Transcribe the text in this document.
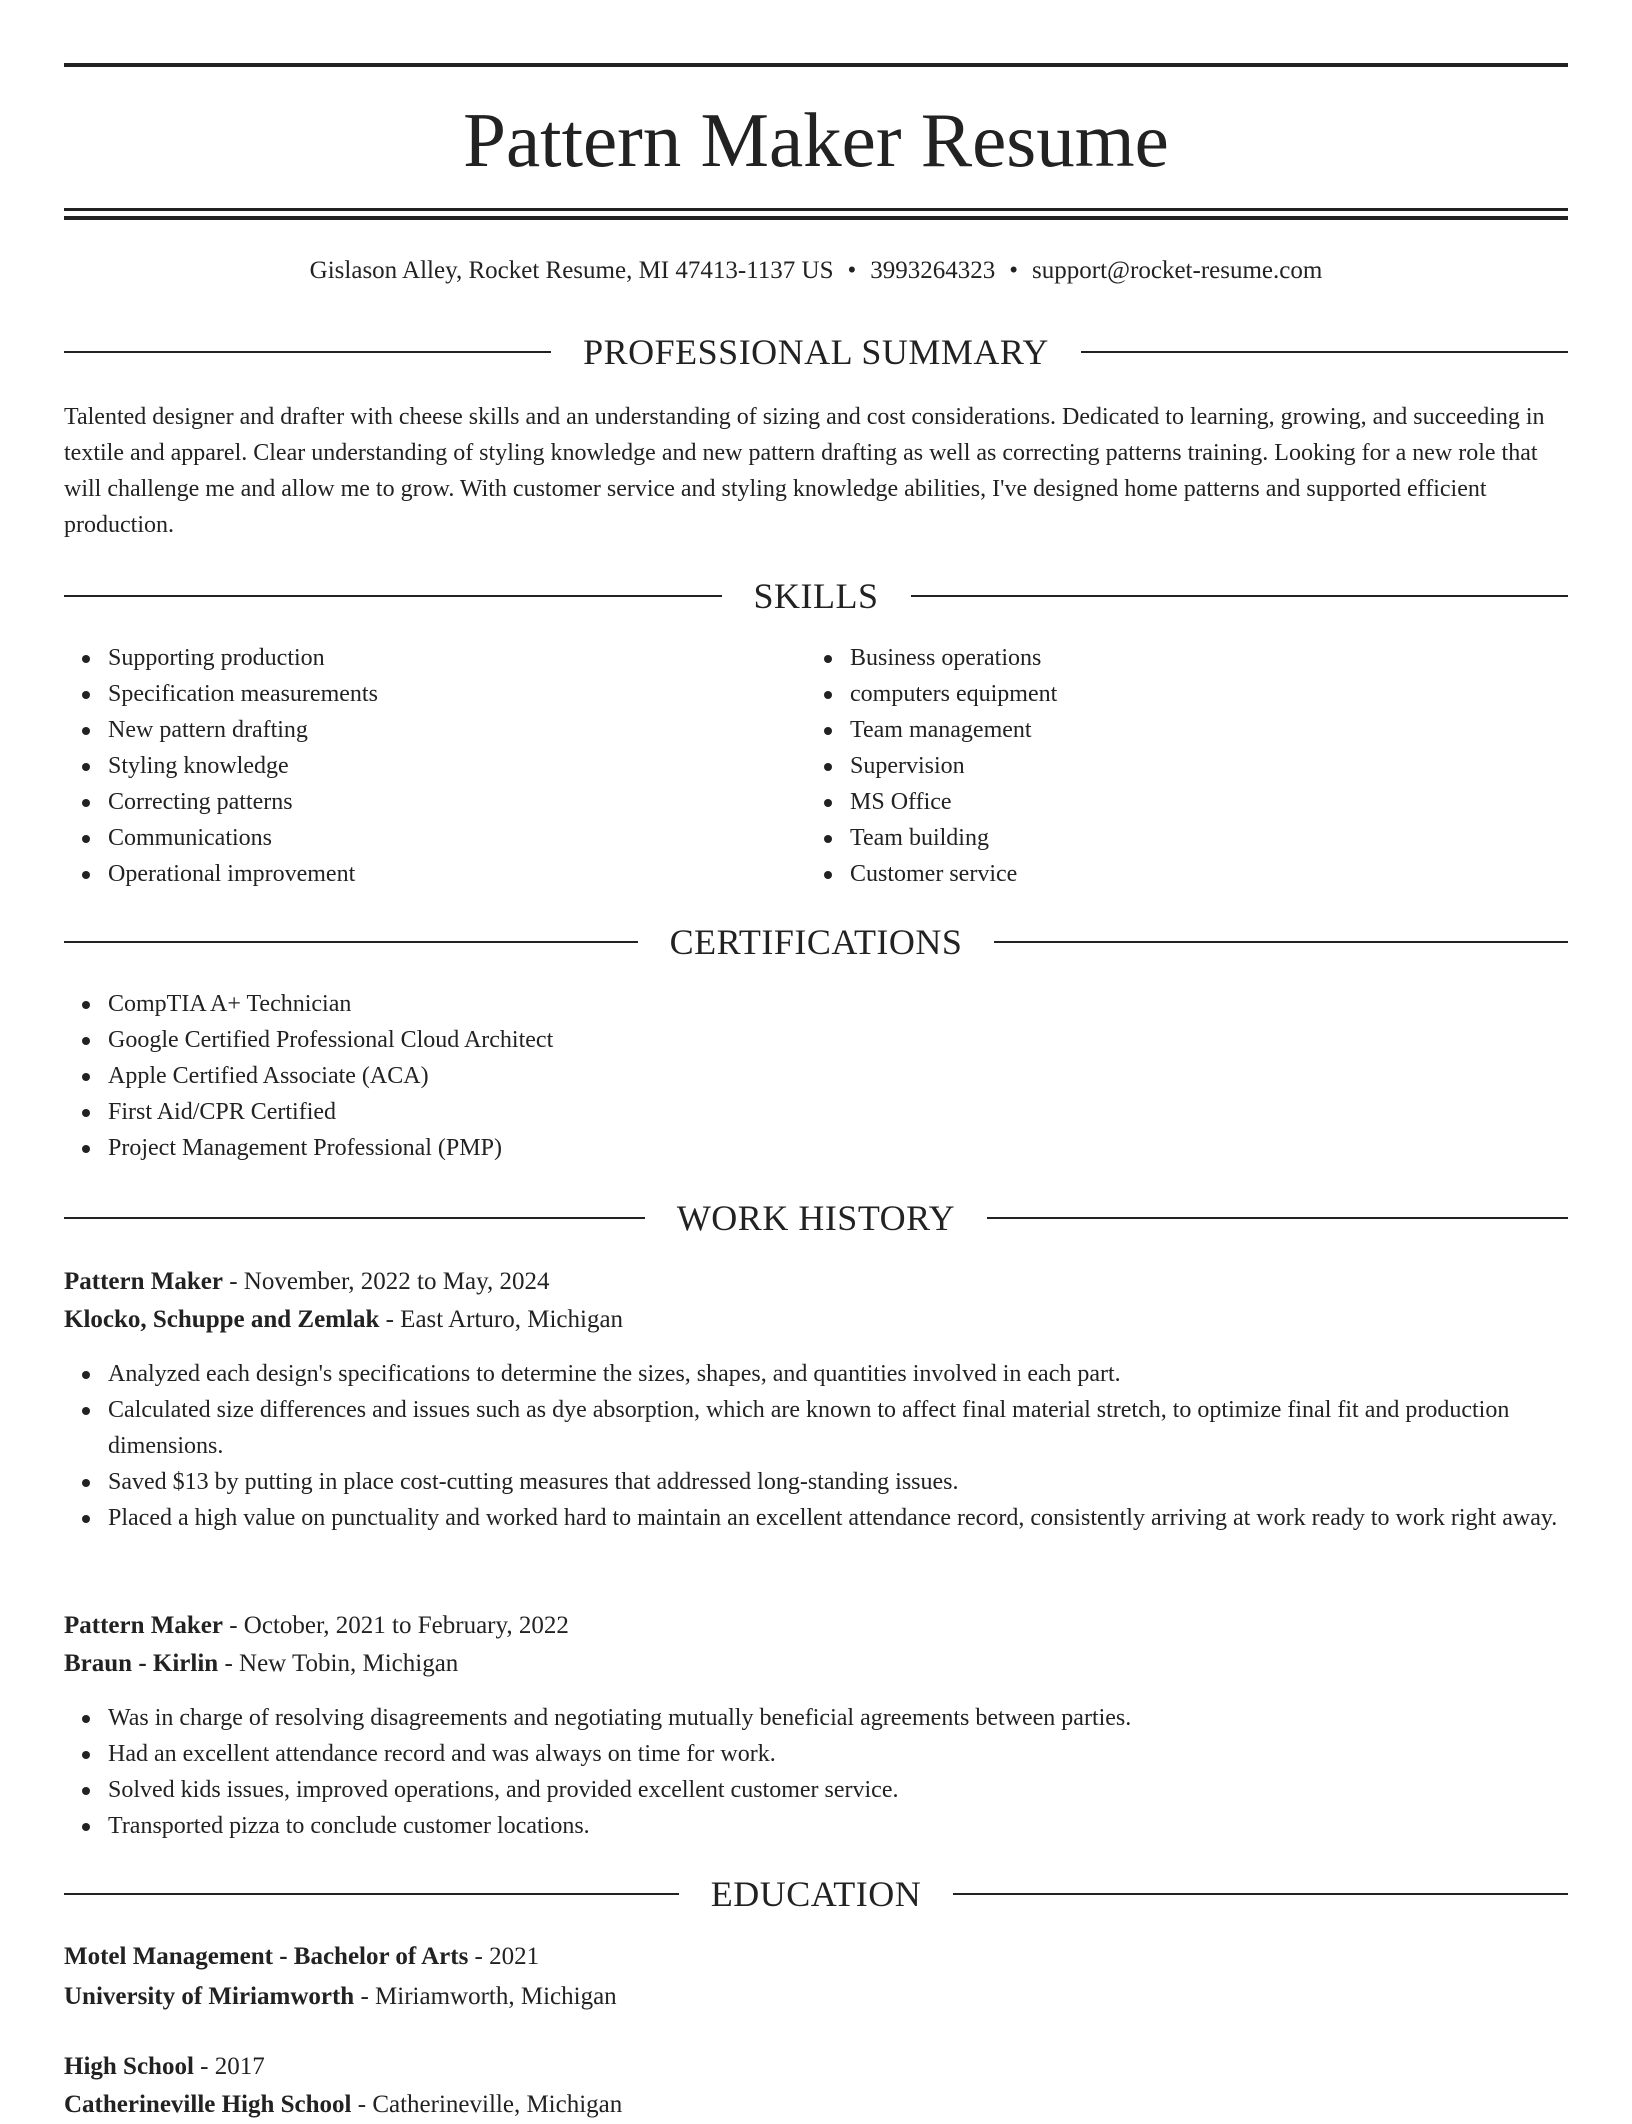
Pattern Maker Resume
Gislason Alley, Rocket Resume, MI 47413-1137 US • 3993264323 • support@rocket-resume.com
PROFESSIONAL SUMMARY

Talented designer and drafter with cheese skills and an understanding of sizing and cost considerations. Dedicated to learning, growing, and succeeding in textile and apparel. Clear understanding of styling knowledge and new pattern drafting as well as correcting patterns training. Looking for a new role that will challenge me and allow me to grow. With customer service and styling knowledge abilities, I've designed home patterns and supported efficient production.

SKILLS
Supporting production
Specification measurements
New pattern drafting
Styling knowledge
Correcting patterns
Communications
Operational improvement
Business operations
computers equipment
Team management
Supervision
MS Office
Team building
Customer service
CERTIFICATIONS
CompTIA A+ Technician
Google Certified Professional Cloud Architect
Apple Certified Associate (ACA)
First Aid/CPR Certified
Project Management Professional (PMP)
WORK HISTORY
Pattern Maker - November, 2022 to May, 2024
Klocko, Schuppe and Zemlak - East Arturo, Michigan
Analyzed each design's specifications to determine the sizes, shapes, and quantities involved in each part.
Calculated size differences and issues such as dye absorption, which are known to affect final material stretch, to optimize final fit and production dimensions.
Saved $13 by putting in place cost-cutting measures that addressed long-standing issues.
Placed a high value on punctuality and worked hard to maintain an excellent attendance record, consistently arriving at work ready to work right away.
Pattern Maker - October, 2021 to February, 2022
Braun - Kirlin - New Tobin, Michigan
Was in charge of resolving disagreements and negotiating mutually beneficial agreements between parties.
Had an excellent attendance record and was always on time for work.
Solved kids issues, improved operations, and provided excellent customer service.
Transported pizza to conclude customer locations.
EDUCATION
Motel Management - Bachelor of Arts - 2021
University of Miriamworth - Miriamworth, Michigan
High School - 2017
Catherineville High School - Catherineville, Michigan
